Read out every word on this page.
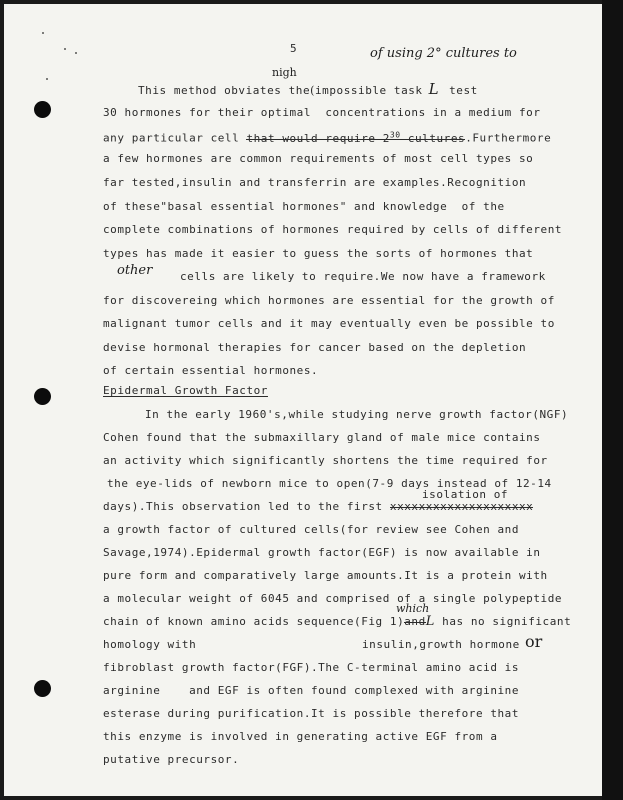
5	of using 2° cultures to
nigh
This method obviates the(impossible task L test
30 hormones for their optimal  concentrations in a medium for
any particular cell that would require $2^{30}$ cultures.Furthermore
a few hormones are common requirements of most cell types so
far tested,insulin and transferrin are examples.Recognition
of these"basal essential hormones" and knowledge  of the
complete combinations of hormones required by cells of different
types has made it easier to guess the sorts of hormones that
other	cells are likely to require.We now have a framework
for discovereing which hormones are essential for the growth of
malignant tumor cells and it may eventually even be possible to
devise hormonal therapies for cancer based on the depletion
of certain essential hormones.
Epidermal Growth Factor
In the early 1960's,while studying nerve growth factor(NGF)
Cohen found that the submaxillary gland of male mice contains
an activity which significantly shortens the time required for
the eye-lids of newborn mice to open(7-9 days instead of 12-14
isolation of
days).This observation led to the first xxxxxxxxxxxxxxxxxxxx
a growth factor of cultured cells(for review see Cohen and
Savage,1974).Epidermal growth factor(EGF) is now available in
pure form and comparatively large amounts.It is a protein with
a molecular weight of 6045 and comprised of a single polypeptide
which
chain of known amino acids sequence(Fig 1)andL has no significant
homology with	insulin,growth hormone or
fibroblast growth factor(FGF).The C-terminal amino acid is
arginine    and EGF is often found complexed with arginine
esterase during purification.It is possible therefore that
this enzyme is involved in generating active EGF from a
putative precursor.
